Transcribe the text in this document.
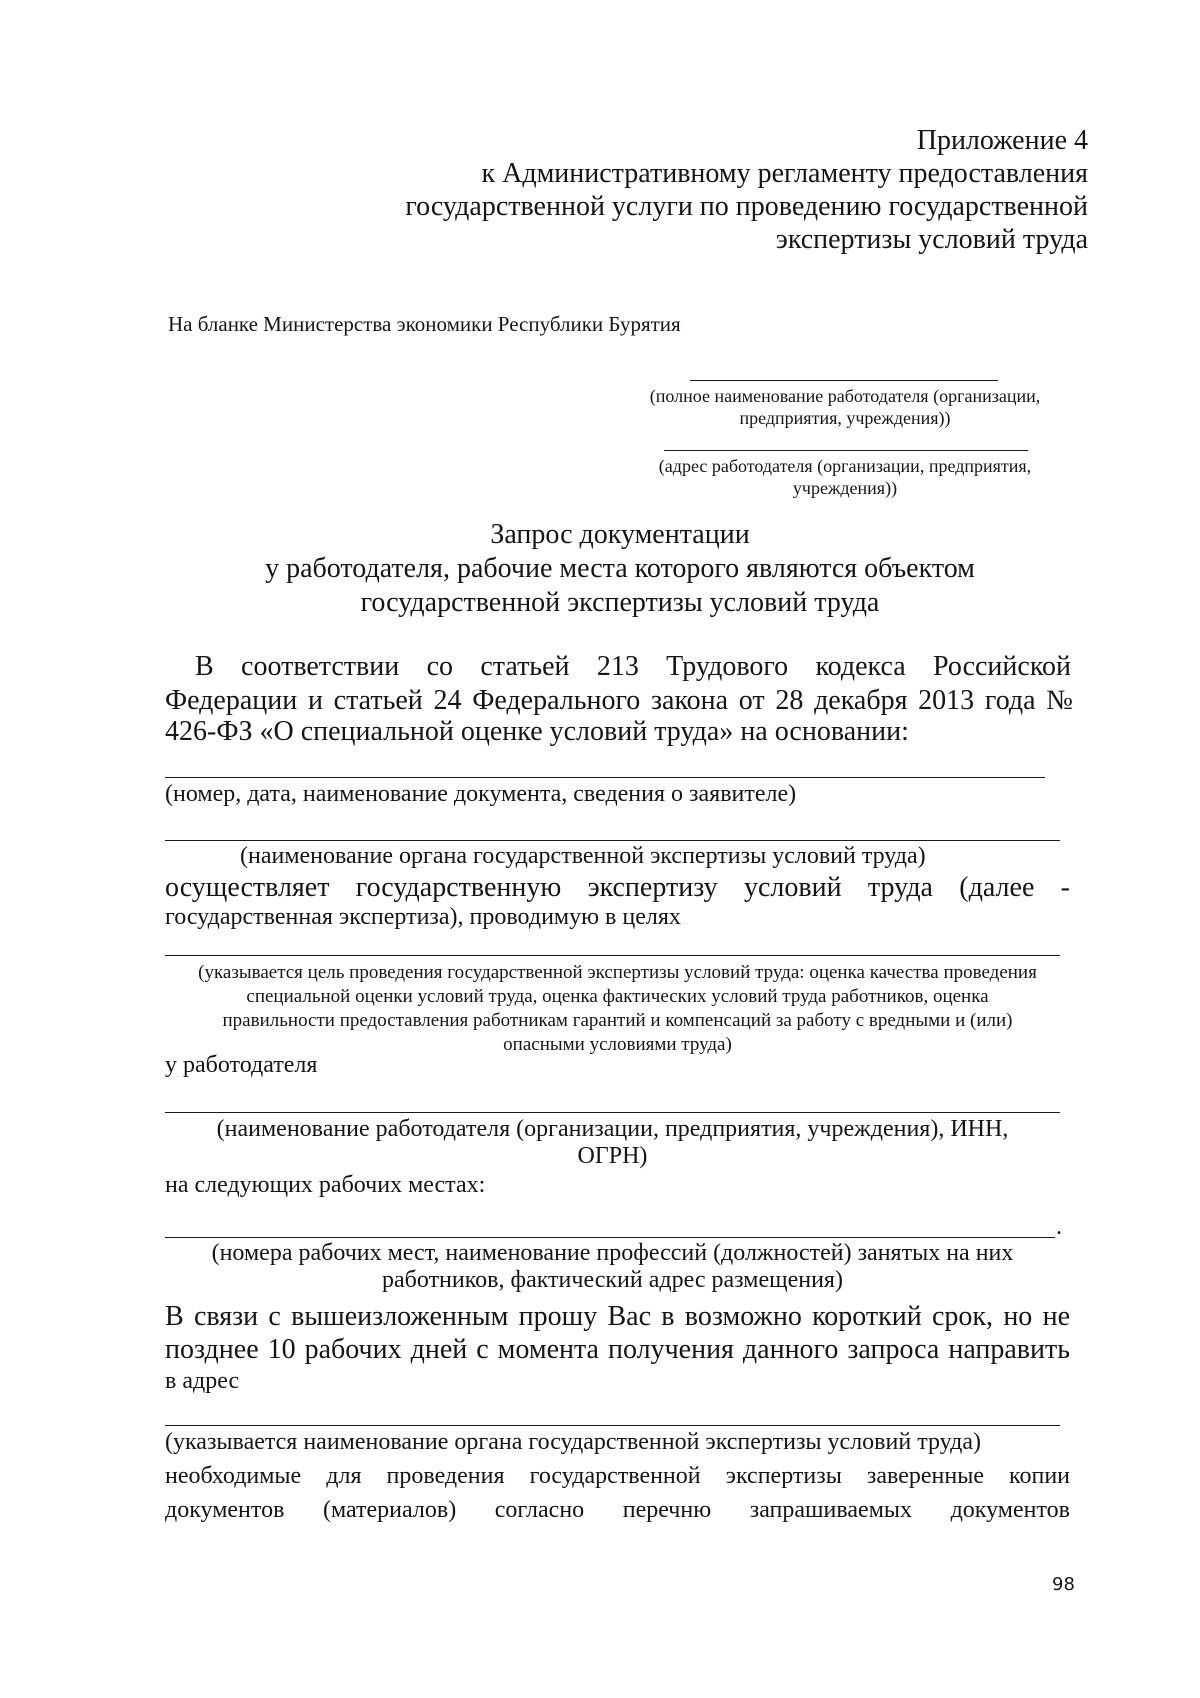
Приложение 4
к Административному регламенту предоставления
государственной услуги по проведению государственной
экспертизы условий труда

На бланке Министерства экономики Республики Бурятия

(полное наименование работодателя (организации,
предприятия, учреждения))
(адрес работодателя (организации, предприятия,
учреждения))
Запрос документации
у работодателя, рабочие места которого являются объектом
государственной экспертизы условий труда
В соответствии со статьей 213 Трудового кодекса Российской
Федерации и статьей 24 Федерального закона от 28 декабря 2013 года №

426-ФЗ «О специальной оценке условий труда» на основании:

(номер, дата, наименование документа, сведения о заявителе)

(наименование органа государственной экспертизы условий труда)

осуществляет государственную экспертизу условий труда (далее -

государственная экспертиза), проводимую в целях

(указывается цель проведения государственной экспертизы условий труда: оценка качества проведения
специальной оценки условий труда, оценка фактических условий труда работников, оценка
правильности предоставления работникам гарантий и компенсаций за работу с вредными и (или)
опасными условиями труда)

у работодателя

(наименование работодателя (организации, предприятия, учреждения), ИНН,
ОГРН)

на следующих рабочих местах:

.
(номера рабочих мест, наименование профессий (должностей) занятых на них
работников, фактический адрес размещения)
В связи с вышеизложенным прошу Вас в возможно короткий срок, но не
позднее 10 рабочих дней с момента получения данного запроса направить

в адрес

(указывается наименование органа государственной экспертизы условий труда)

необходимые для проведения государственной экспертизы заверенные копии
документов (материалов) согласно перечню запрашиваемых документов

98
